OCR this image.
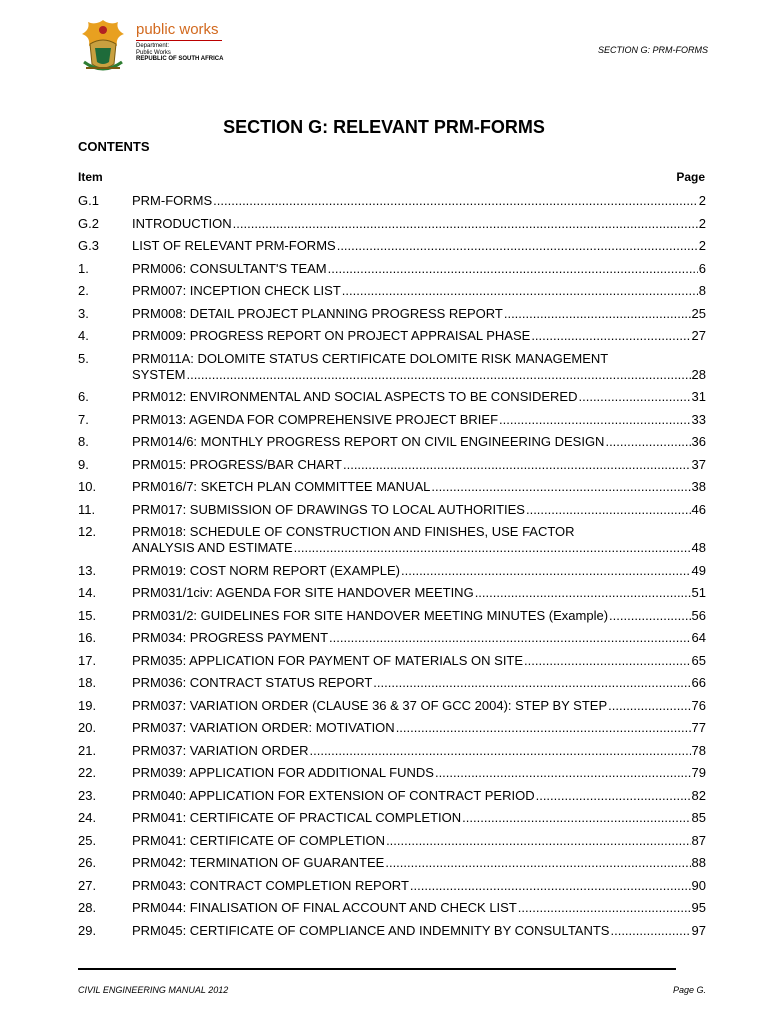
public works
Department:
Public Works
REPUBLIC OF SOUTH AFRICA
SECTION G: PRM-FORMS
SECTION G: RELEVANT PRM-FORMS
CONTENTS
Item	Page
G.1	PRM-FORMS .....	2
G.2	INTRODUCTION .....	2
G.3	LIST OF RELEVANT PRM-FORMS .....	2
1.	PRM006: CONSULTANT'S TEAM .....	6
2.	PRM007: INCEPTION CHECK LIST .....	8
3.	PRM008: DETAIL PROJECT PLANNING PROGRESS REPORT .....	25
4.	PRM009: PROGRESS REPORT ON PROJECT APPRAISAL PHASE .....	27
5.	PRM011A: DOLOMITE STATUS CERTIFICATE DOLOMITE RISK MANAGEMENT
SYSTEM .....	28
6.	PRM012: ENVIRONMENTAL AND SOCIAL ASPECTS TO BE CONSIDERED .....	31
7.	PRM013: AGENDA FOR COMPREHENSIVE PROJECT BRIEF .....	33
8.	PRM014/6: MONTHLY PROGRESS REPORT ON CIVIL ENGINEERING DESIGN .....	36
9.	PRM015: PROGRESS/BAR CHART .....	37
10.	PRM016/7: SKETCH PLAN COMMITTEE MANUAL .....	38
11.	PRM017: SUBMISSION OF DRAWINGS TO LOCAL AUTHORITIES .....	46
12.	PRM018: SCHEDULE OF CONSTRUCTION AND FINISHES, USE FACTOR
ANALYSIS AND ESTIMATE .....	48
13.	PRM019: COST NORM REPORT (EXAMPLE) .....	49
14.	PRM031/1civ: AGENDA FOR SITE HANDOVER MEETING .....	51
15.	PRM031/2: GUIDELINES FOR SITE HANDOVER MEETING MINUTES (Example) .....	56
16.	PRM034: PROGRESS PAYMENT .....	64
17.	PRM035: APPLICATION FOR PAYMENT OF MATERIALS ON SITE .....	65
18.	PRM036: CONTRACT STATUS REPORT .....	66
19.	PRM037: VARIATION ORDER (CLAUSE 36 & 37 OF GCC 2004): STEP BY STEP .....	76
20.	PRM037: VARIATION ORDER: MOTIVATION .....	77
21.	PRM037: VARIATION ORDER .....	78
22.	PRM039: APPLICATION FOR ADDITIONAL FUNDS .....	79
23.	PRM040: APPLICATION FOR EXTENSION OF CONTRACT PERIOD .....	82
24.	PRM041: CERTIFICATE OF PRACTICAL COMPLETION .....	85
25.	PRM041: CERTIFICATE OF COMPLETION .....	87
26.	PRM042: TERMINATION OF GUARANTEE .....	88
27.	PRM043: CONTRACT COMPLETION REPORT .....	90
28.	PRM044: FINALISATION OF FINAL ACCOUNT AND CHECK LIST .....	95
29.	PRM045: CERTIFICATE OF COMPLIANCE AND INDEMNITY BY CONSULTANTS .....	97
CIVIL ENGINEERING MANUAL 2012	Page G.
